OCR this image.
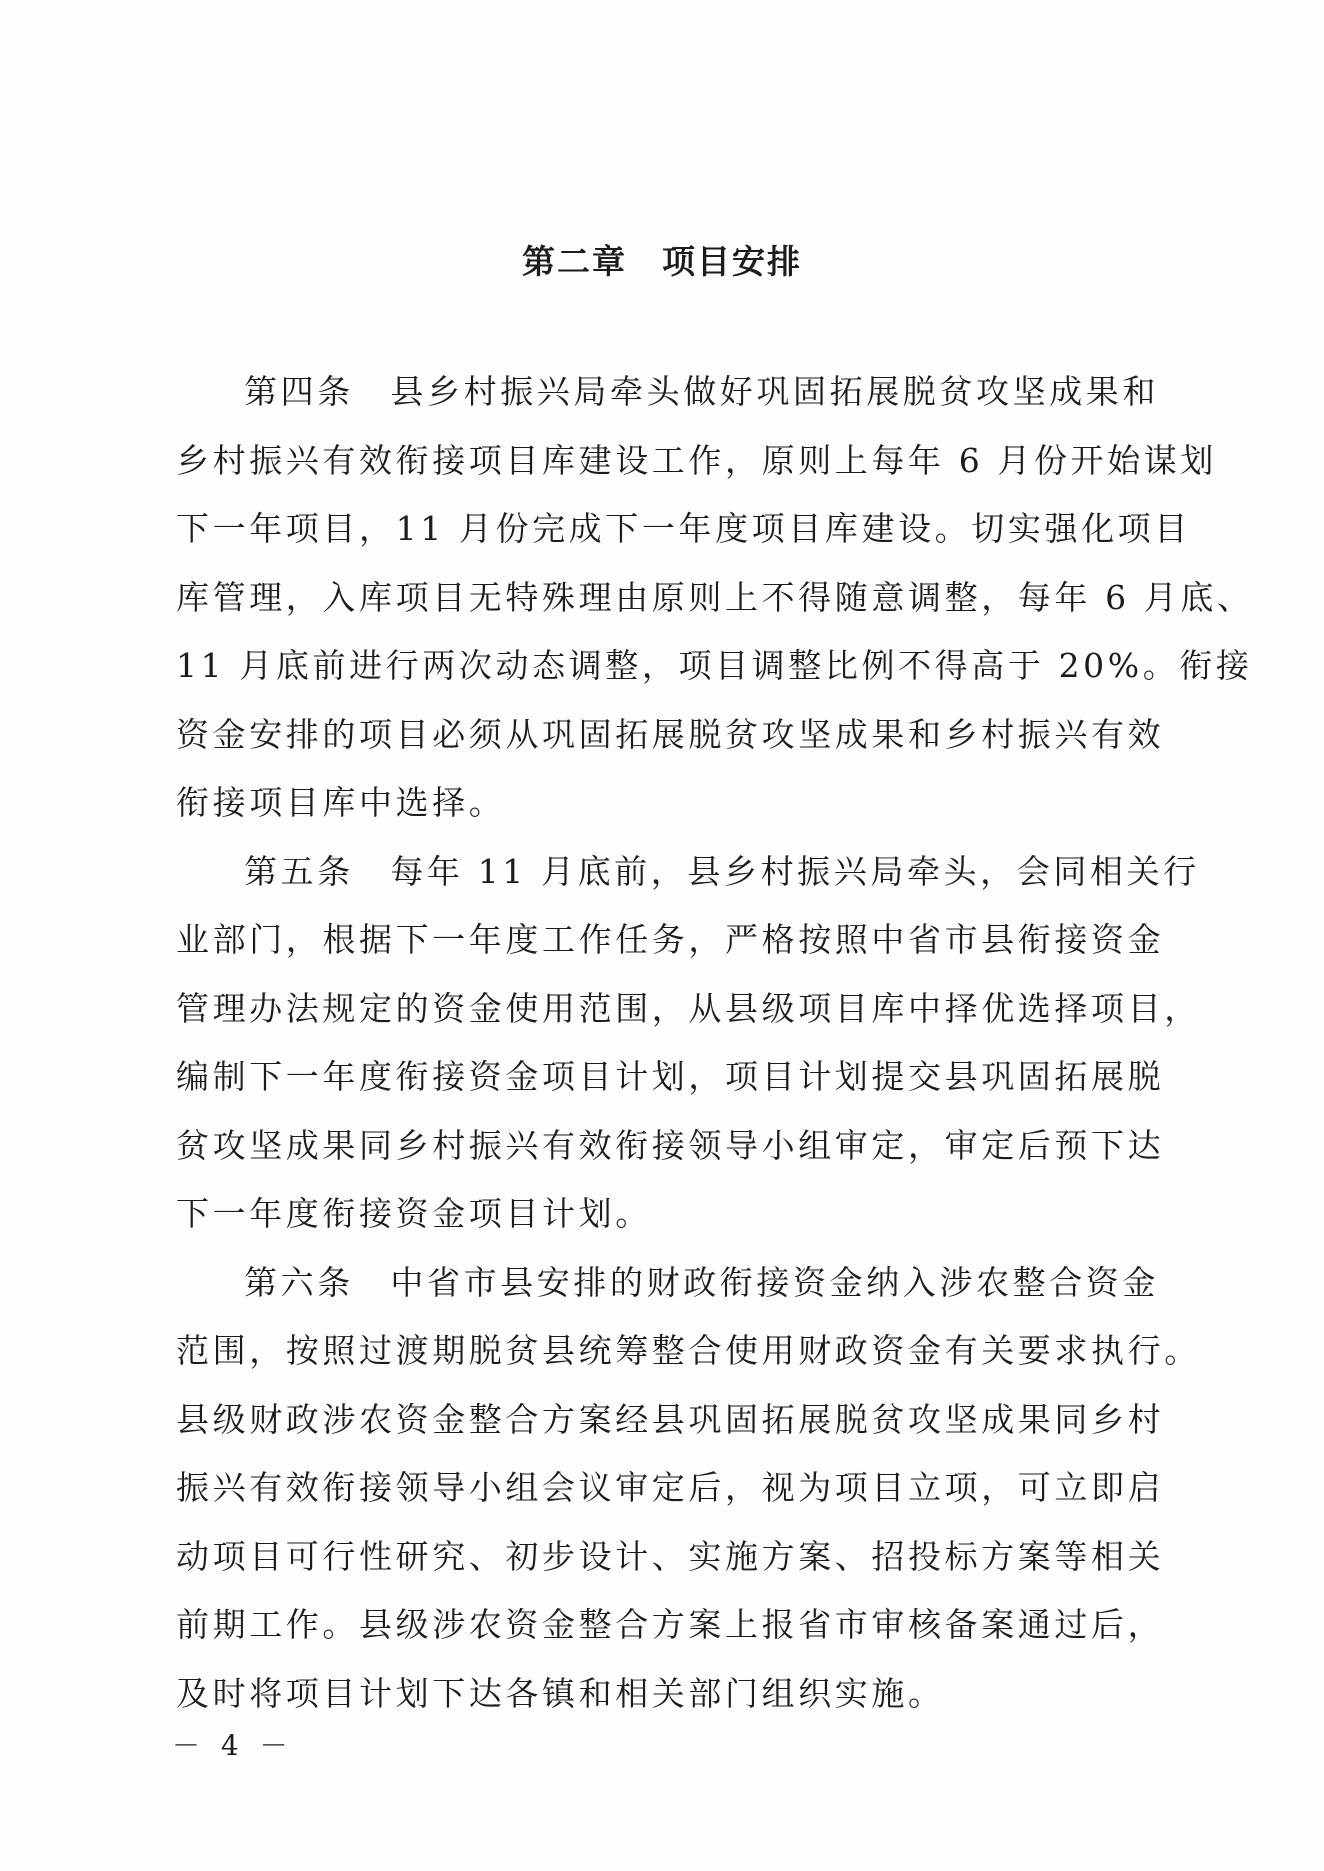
第二章　项目安排
第四条　县乡村振兴局牵头做好巩固拓展脱贫攻坚成果和
乡村振兴有效衔接项目库建设工作，原则上每年 6 月份开始谋划
下一年项目，11 月份完成下一年度项目库建设。切实强化项目
库管理，入库项目无特殊理由原则上不得随意调整，每年 6 月底、
11 月底前进行两次动态调整，项目调整比例不得高于 20%。衔接
资金安排的项目必须从巩固拓展脱贫攻坚成果和乡村振兴有效
衔接项目库中选择。
第五条　每年 11 月底前，县乡村振兴局牵头，会同相关行
业部门，根据下一年度工作任务，严格按照中省市县衔接资金
管理办法规定的资金使用范围，从县级项目库中择优选择项目，
编制下一年度衔接资金项目计划，项目计划提交县巩固拓展脱
贫攻坚成果同乡村振兴有效衔接领导小组审定，审定后预下达
下一年度衔接资金项目计划。
第六条　中省市县安排的财政衔接资金纳入涉农整合资金
范围，按照过渡期脱贫县统筹整合使用财政资金有关要求执行。
县级财政涉农资金整合方案经县巩固拓展脱贫攻坚成果同乡村
振兴有效衔接领导小组会议审定后，视为项目立项，可立即启
动项目可行性研究、初步设计、实施方案、招投标方案等相关
前期工作。县级涉农资金整合方案上报省市审核备案通过后，
及时将项目计划下达各镇和相关部门组织实施。
－ 4 －
